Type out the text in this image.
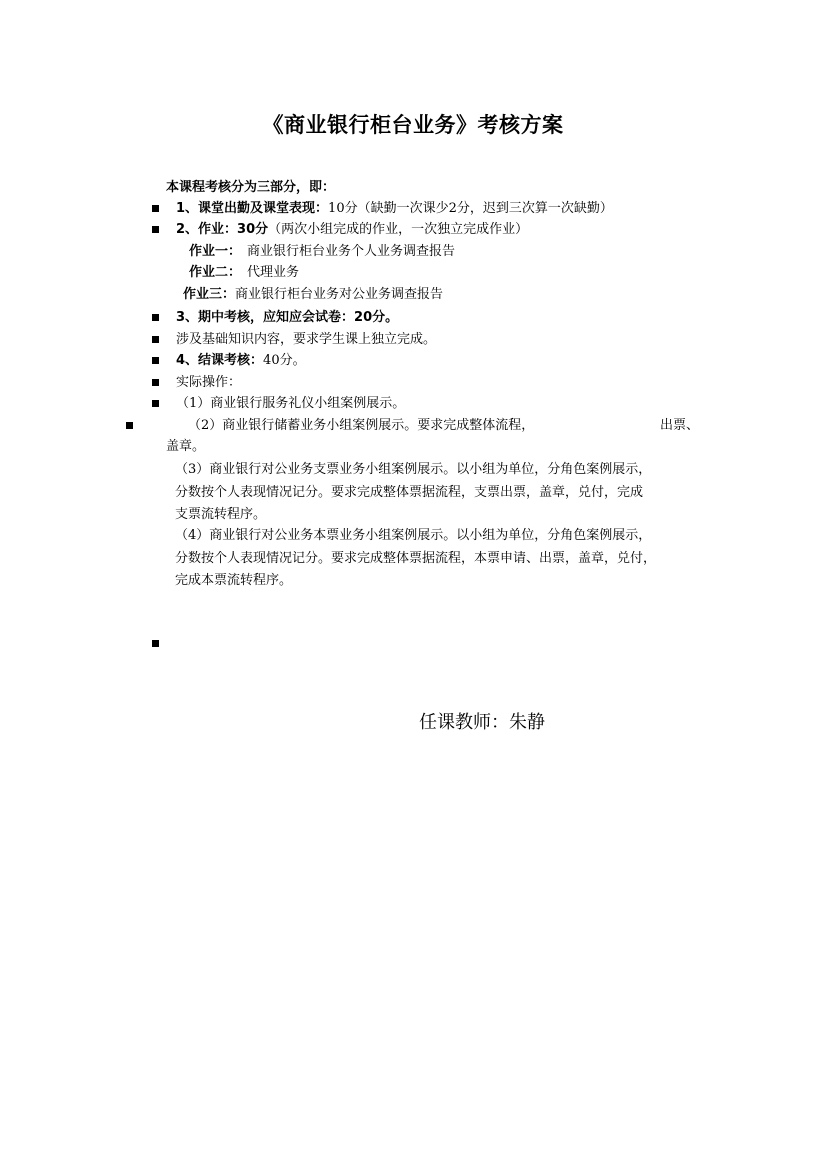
《商业银行柜台业务》考核方案
本课程考核分为三部分，即：
1、课堂出勤及课堂表现：10分（缺勤一次课少2分，迟到三次算一次缺勤）
2、作业：30分（两次小组完成的作业，一次独立完成作业）
作业一： 商业银行柜台业务个人业务调查报告
作业二： 代理业务
作业三：商业银行柜台业务对公业务调查报告
3、期中考核，应知应会试卷：20分。
涉及基础知识内容，要求学生课上独立完成。
4、结课考核：40分。
实际操作：
（1）商业银行服务礼仪小组案例展示。
（2）商业银行储蓄业务小组案例展示。要求完成整体流程，	出票、
盖章。
（3）商业银行对公业务支票业务小组案例展示。以小组为单位，分角色案例展示，
分数按个人表现情况记分。要求完成整体票据流程，支票出票，盖章，兑付，完成
支票流转程序。
（4）商业银行对公业务本票业务小组案例展示。以小组为单位，分角色案例展示，
分数按个人表现情况记分。要求完成整体票据流程，本票申请、出票，盖章，兑付，
完成本票流转程序。
任课教师：朱静
